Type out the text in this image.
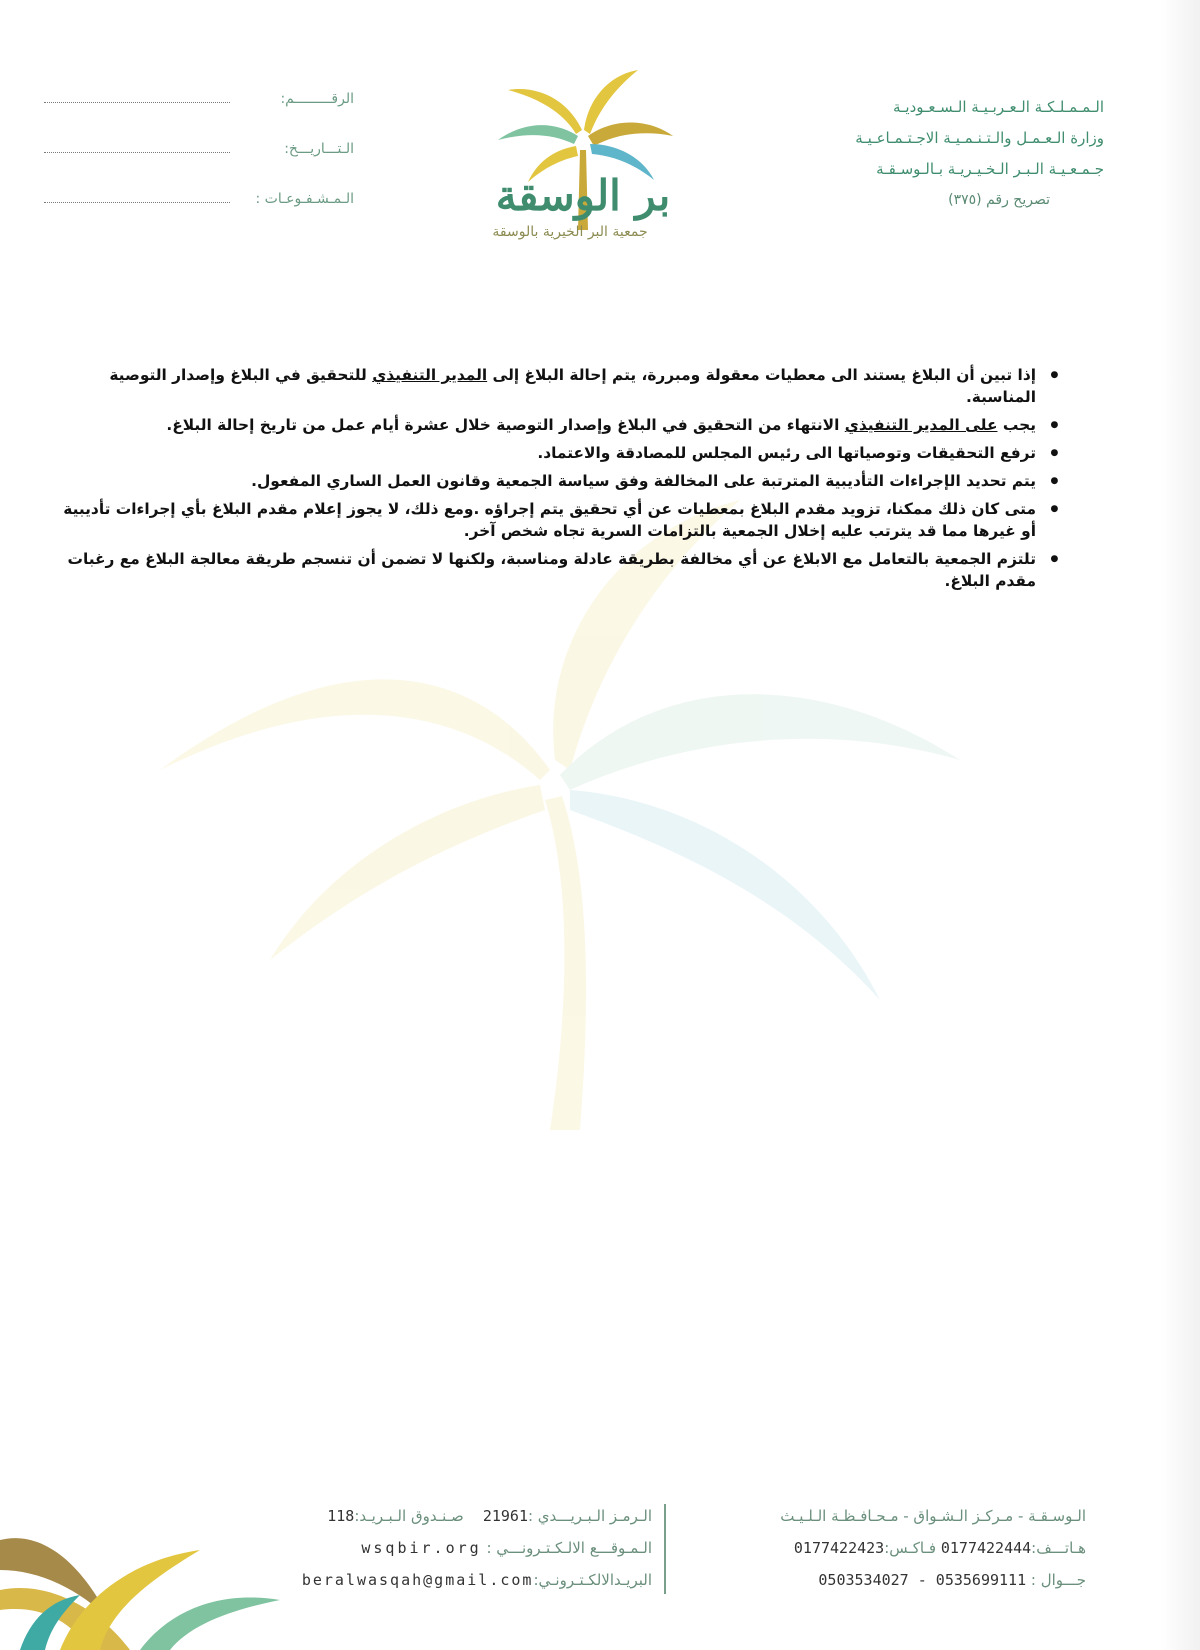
الـمـمـلـكـة الـعـربـيـة الـسـعـوديـة
وزارة الـعـمـل والـتـنـمـيـة الاجـتـمـاعـيـة
جـمـعـيـة الـبـر الـخـيـريـة بـالـوسـقـة
تصريح رقم (٣٧٥)
بر الوسقة
جمعية البر الخيرية بالوسقة
الرقـــــــــم:
الـتـــاريـــخ:
الـمـشـفـوعـات :
● إذا تبين أن البلاغ يستند الى معطيات معقولة ومبررة، يتم إحالة البلاغ إلى المدير التنفيذي للتحقيق في البلاغ وإصدار التوصية المناسبة.
● يجب على المدير التنفيذي الانتهاء من التحقيق في البلاغ وإصدار التوصية خلال عشرة أيام عمل من تاريخ إحالة البلاغ.
● ترفع التحقيقات وتوصياتها الى رئيس المجلس للمصادقة والاعتماد.
● يتم تحديد الإجراءات التأديبية المترتبة على المخالفة وفق سياسة الجمعية وقانون العمل الساري المفعول.
● متى كان ذلك ممكنا، تزويد مقدم البلاغ بمعطيات عن أي تحقيق يتم إجراؤه .ومع ذلك، لا يجوز إعلام مقدم البلاغ بأي إجراءات تأديبية أو غيرها مما قد يترتب عليه إخلال الجمعية بالتزامات السرية تجاه شخص آخر.
● تلتزم الجمعية بالتعامل مع الابلاغ عن أي مخالفة بطريقة عادلة ومناسبة، ولكنها لا تضمن أن تنسجم طريقة معالجة البلاغ مع رغبات مقدم البلاغ.
الـوسـقـة - مـركـز الـشـواق - مـحـافـظـة الـلـيـث
هـاتـــف:0177422444 فـاكـس:0177422423
جـــوال : 0503534027 - 0535699111
الـرمـز الـبـريـــدي :21961    صـنـدوق الـبـريـد:118
الـمـوقـــع الالـكـتـرونـــي : wsqbir.org
البريـدالالكـتـرونـي:beralwasqah@gmail.com
